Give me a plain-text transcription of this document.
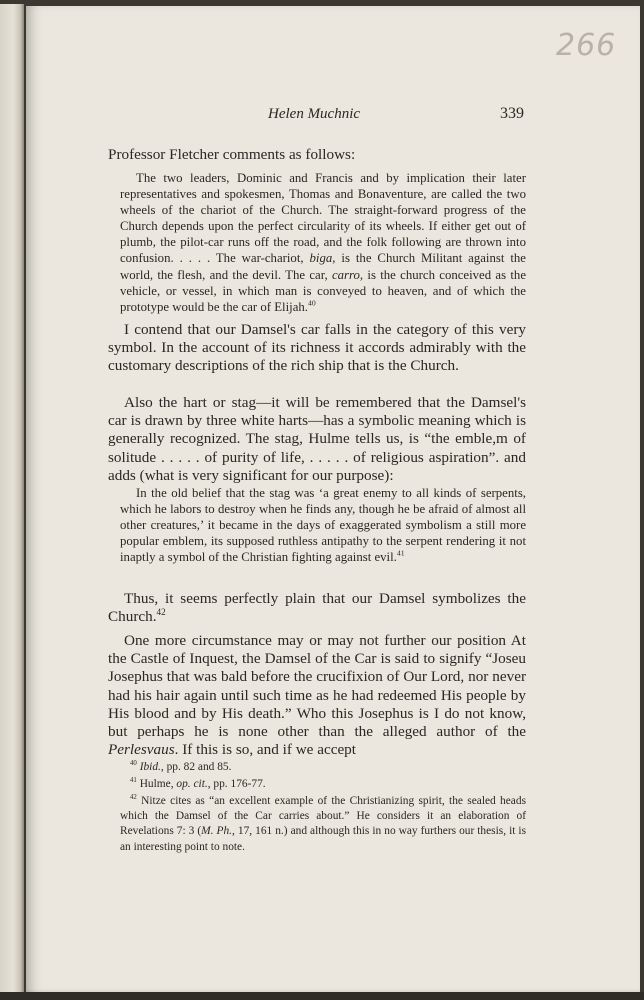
266
Helen Muchnic	339

Professor Fletcher comments as follows:

The two leaders, Dominic and Francis and by implication their later representatives and spokesmen, Thomas and Bonaventure, are called the two wheels of the chariot of the Church. The straight-forward progress of the Church depends upon the perfect circularity of its wheels. If either get out of plumb, the pilot-car runs off the road, and the folk following are thrown into confusion. . . . . The war-chariot, biga, is the Church Militant against the world, the flesh, and the devil. The car, carro, is the church conceived as the vehicle, or vessel, in which man is conveyed to heaven, and of which the prototype would be the car of Elijah.$^{40}$

I contend that our Damsel's car falls in the category of this very symbol. In the account of its richness it accords admirably with the customary descriptions of the rich ship that is the Church.

Also the hart or stag—it will be remembered that the Damsel's car is drawn by three white harts—has a symbolic meaning which is generally recognized. The stag, Hulme tells us, is “the emble,m of solitude . . . . . of purity of life, . . . . . of religious aspiration”. and adds (what is very significant for our purpose):

In the old belief that the stag was ‘a great enemy to all kinds of serpents, which he labors to destroy when he finds any, though he be afraid of almost all other creatures,’ it became in the days of exaggerated symbolism a still more popular emblem, its supposed ruthless antipathy to the serpent rendering it not inaptly a symbol of the Christian fighting against evil.$^{41}$

Thus, it seems perfectly plain that our Damsel symbolizes the Church.$^{42}$

One more circumstance may or may not further our position At the Castle of Inquest, the Damsel of the Car is said to signify “Joseu Josephus that was bald before the crucifixion of Our Lord, nor never had his hair again until such time as he had redeemed His people by His blood and by His death.” Who this Josephus is I do not know, but perhaps he is none other than the alleged author of the Perlesvaus. If this is so, and if we accept

$^{40}$ Ibid., pp. 82 and 85.

$^{41}$ Hulme, op. cit., pp. 176-77.

$^{42}$ Nitze cites as “an excellent example of the Christianizing spirit, the sealed heads which the Damsel of the Car carries about.” He considers it an elaboration of Revelations 7: 3 (M. Ph., 17, 161 n.) and although this in no way furthers our thesis, it is an interesting point to note.
